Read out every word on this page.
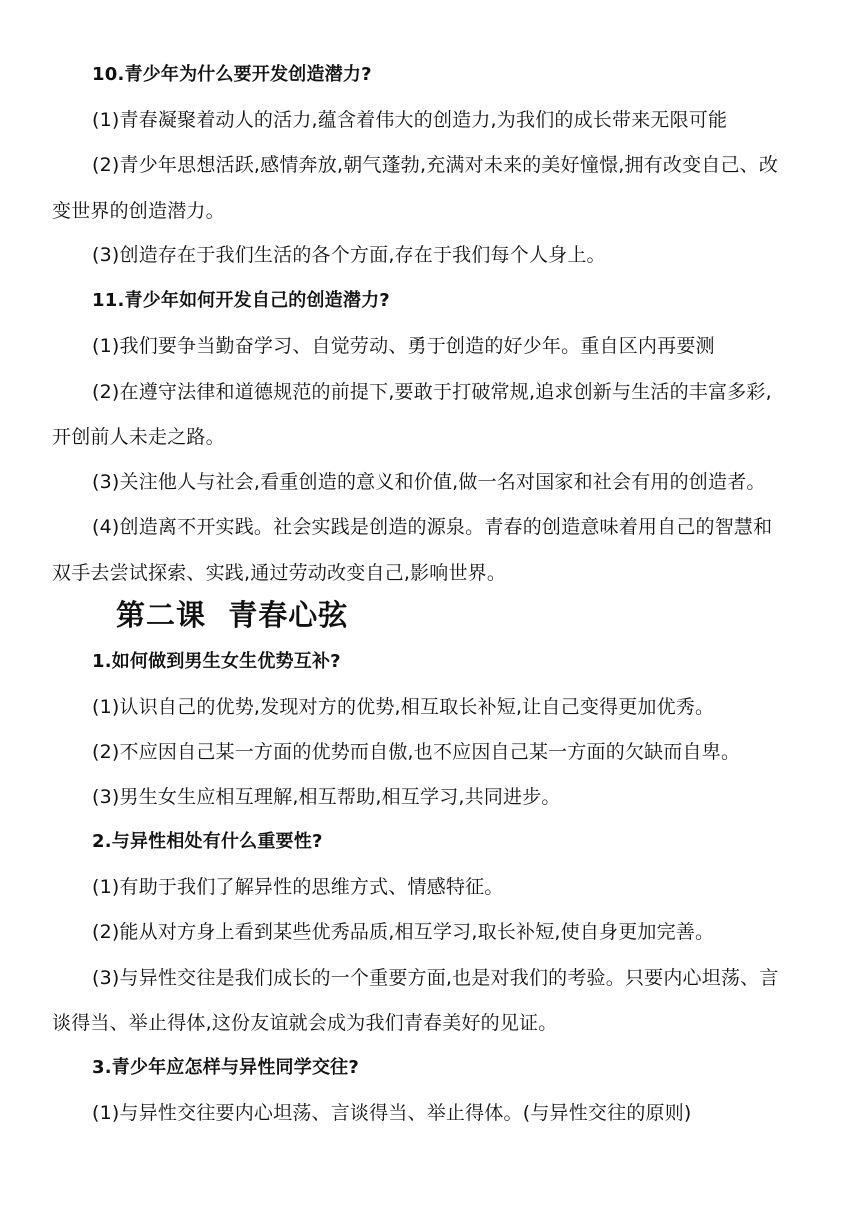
10.青少年为什么要开发创造潜力?
(1)青春凝聚着动人的活力,蕴含着伟大的创造力,为我们的成长带来无限可能
(2)青少年思想活跃,感情奔放,朝气蓬勃,充满对未来的美好憧憬,拥有改变自己、改
变世界的创造潜力。
(3)创造存在于我们生活的各个方面,存在于我们每个人身上。
11.青少年如何开发自己的创造潜力?
(1)我们要争当勤奋学习、自觉劳动、勇于创造的好少年。重自区内再要测
(2)在遵守法律和道德规范的前提下,要敢于打破常规,追求创新与生活的丰富多彩,
开创前人未走之路。
(3)关注他人与社会,看重创造的意义和价值,做一名对国家和社会有用的创造者。
(4)创造离不开实践。社会实践是创造的源泉。青春的创造意味着用自己的智慧和
双手去尝试探索、实践,通过劳动改变自己,影响世界。
第二课  青春心弦
1.如何做到男生女生优势互补?
(1)认识自己的优势,发现对方的优势,相互取长补短,让自己变得更加优秀。
(2)不应因自己某一方面的优势而自傲,也不应因自己某一方面的欠缺而自卑。
(3)男生女生应相互理解,相互帮助,相互学习,共同进步。
2.与异性相处有什么重要性?
(1)有助于我们了解异性的思维方式、情感特征。
(2)能从对方身上看到某些优秀品质,相互学习,取长补短,使自身更加完善。
(3)与异性交往是我们成长的一个重要方面,也是对我们的考验。只要内心坦荡、言
谈得当、举止得体,这份友谊就会成为我们青春美好的见证。
3.青少年应怎样与异性同学交往?
(1)与异性交往要内心坦荡、言谈得当、举止得体。(与异性交往的原则)
